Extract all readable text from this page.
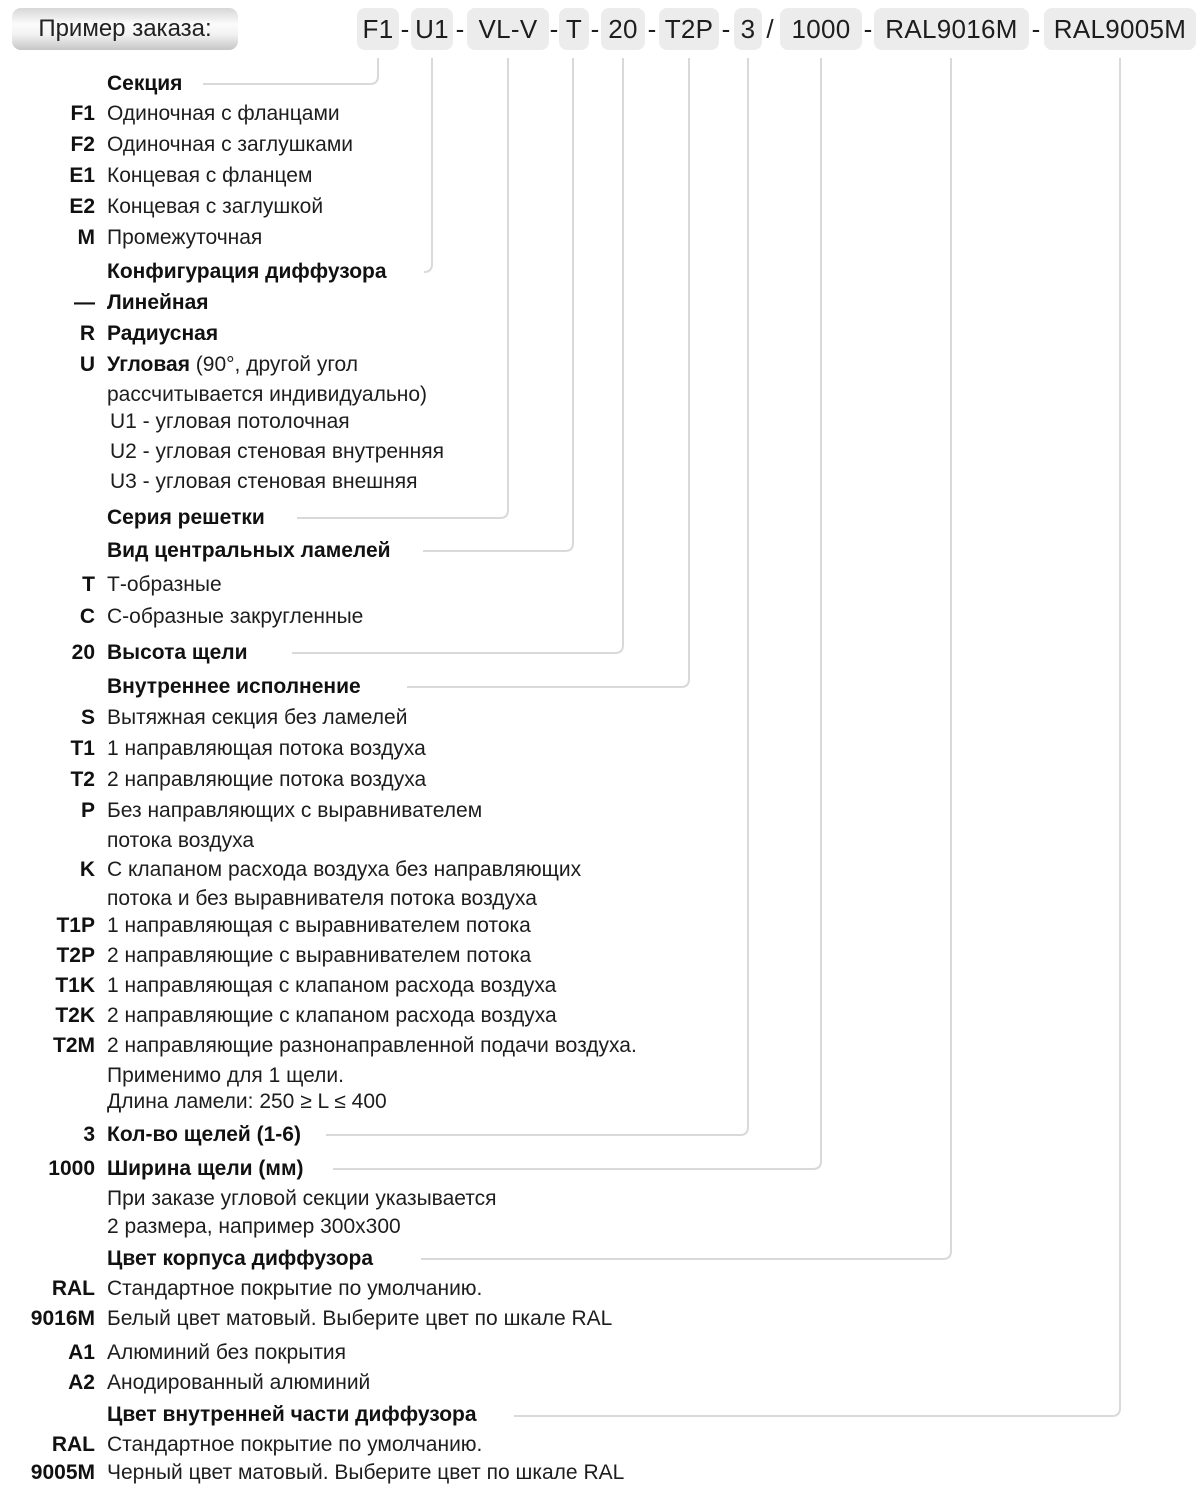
Пример заказа:	F1 - U1 - VL-V - T - 20 - T2P - 3 / 1000 - RAL9016M - RAL9005M
Секция
F1 Одиночная с фланцами
F2 Одиночная с заглушками
E1 Концевая с фланцем
E2 Концевая с заглушкой
M Промежуточная
Конфигурация диффузора
— Линейная
R Радиусная
U Угловая (90°, другой угол
рассчитывается индивидуально)
U1 - угловая потолочная
U2 - угловая стеновая внутренняя
U3 - угловая стеновая внешняя
Серия решетки
Вид центральных ламелей
T Т-образные
C С-образные закругленные
20 Высота щели
Внутреннее исполнение
S Вытяжная секция без ламелей
T1 1 направляющая потока воздуха
T2 2 направляющие потока воздуха
P Без направляющих с выравнивателем
потока воздуха
K С клапаном расхода воздуха без направляющих
потока и без выравнивателя потока воздуха
T1P 1 направляющая с выравнивателем потока
T2P 2 направляющие с выравнивателем потока
T1K 1 направляющая с клапаном расхода воздуха
T2K 2 направляющие с клапаном расхода воздуха
T2M 2 направляющие разнонаправленной подачи воздуха.
Применимо для 1 щели.
Длина ламели: 250 ≥ L ≤ 400
3 Кол-во щелей (1-6)
1000 Ширина щели (мм)
При заказе угловой секции указывается
2 размера, например 300х300
Цвет корпуса диффузора
RAL Стандартное покрытие по умолчанию.
9016M Белый цвет матовый. Выберите цвет по шкале RAL
A1 Алюминий без покрытия
A2 Анодированный алюминий
Цвет внутренней части диффузора
RAL Стандартное покрытие по умолчанию.
9005M Черный цвет матовый. Выберите цвет по шкале RAL
